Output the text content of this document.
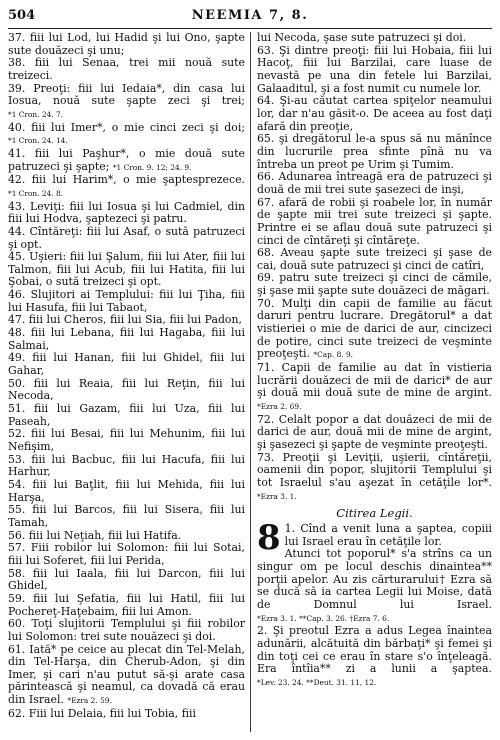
504	NEEMIA 7, 8.

37. fiii lui Lod, lui Hadid şi lui Ono, şapte sute douăzeci şi unu;

38. fiii lui Senaa, trei mii nouă sute treizeci.

39. Preoţi: fiii lui Iedaia*, din casa lui Iosua, nouă sute şapte zeci şi trei; *1 Cron. 24. 7.

40. fiii lui Imer*, o mie cinci zeci şi doi; *1 Cron. 24. 14.

41. fiii lui Paşhur*, o mie două sute patruzeci şi şapte; *1 Cron. 9. 12; 24. 9.

42. fiii lui Harim*, o mie şaptesprezece. *1 Cron. 24. 8.

43. Leviţi: fiii lui Iosua şi lui Cadmiel, din fiii lui Hodva, şaptezeci şi patru.

44. Cîntăreţi: fiii lui Asaf, o sută patruzeci şi opt.

45. Uşieri: fiii lui Şalum, fiii lui Ater, fiii lui Talmon, fiii lui Acub, fiii lui Hatita, fiii lui Şobai, o sută treizeci şi opt.

46. Slujitori ai Templului: fiii lui Ţiha, fiii lui Hasufa, fiii lui Tabaot,

47. fiii lui Cheros, fiii lui Sia, fiii lui Padon,

48. fiii lui Lebana, fiii lui Hagaba, fiii lui Salmai,

49. fiii lui Hanan, fiii lui Ghidel, fiii lui Gahar,

50. fiii lui Reaia, fiii lui Reţin, fiii lui Necoda,

51. fiii lui Gazam, fiii lui Uza, fiii lui Paseah,

52. fiii lui Besai, fiii lui Mehunim, fiii lui Nefişim,

53. fiii lui Bacbuc, fiii lui Hacufa, fiii lui Harhur,

54. fiii lui Baţlit, fiii lui Mehida, fiii lui Harşa,

55. fiii lui Barcos, fiii lui Sisera, fiii lui Tamah,

56. fiii lui Neţiah, fiii lui Hatifa.

57. Fiii robilor lui Solomon: fiii lui Sotai, fiii lui Soferet, fiii lui Perida,

58. fiii lui Iaala, fiii lui Darcon, fiii lui Ghidel,

59. fiii lui Şefatia, fiii lui Hatil, fiii lui Pochereţ-Haţebaim, fiii lui Amon.

60. Toţi slujitorii Templului şi fiii robilor lui Solomon: trei sute nouăzeci şi doi.

61. Iată* pe ceice au plecat din Tel-Melah, din Tel-Harşa, din Cherub-Adon, şi din Imer, şi cari n'au putut să-şi arate casa părintească şi neamul, ca dovadă că erau din Israel. *Ezra 2. 59.

62. Fiii lui Delaia, fiii lui Tobia, fiii

lui Necoda, şase sute patruzeci şi doi.

63. Şi dintre preoţi: fiii lui Hobaia, fiii lui Hacoţ, fiii lui Barzilai, care luase de nevastă pe una din fetele lui Barzilai, Galaaditul, şi a fost numit cu numele lor.

64. Şi-au căutat cartea spiţelor neamului lor, dar n'au găsit-o. De aceea au fost daţi afară din preoţie,

65. şi dregătorul le-a spus să nu mănînce din lucrurile prea sfinte pînă nu va întreba un preot pe Urim şi Tumim.

66. Adunarea întreagă era de patruzeci şi două de mii trei sute şasezeci de inşi,

67. afară de robii şi roabele lor, în număr de şapte mii trei sute treizeci şi şapte. Printre ei se aflau două sute patruzeci şi cinci de cîntăreţi şi cîntăreţe.

68. Aveau şapte sute treizeci şi şase de cai, două sute patruzeci şi cinci de catîri,

69. patru sute treizeci şi cinci de cămile, şi şase mii şapte sute douăzeci de măgari.

70. Mulţi din capii de familie au făcut daruri pentru lucrare. Dregătorul* a dat vistieriei o mie de darici de aur, cincizeci de potire, cinci sute treizeci de veşminte preoţeşti. *Cap. 8. 9.

71. Capii de familie au dat în vistieria lucrării douăzeci de mii de darici* de aur şi două mii două sute de mine de argint. *Ezra 2. 69.

72. Celalt popor a dat douăzeci de mii de darici de aur, două mii de mine de argint, şi şasezeci şi şapte de veşminte preoţeşti.

73. Preoţii şi Leviţii, uşierii, cîntăreţii, oamenii din popor, slujitorii Templului şi tot Israelul s'au aşezat în cetăţile lor*. *Ezra 3. 1.

Citirea Legii.

8 1. Cînd a venit luna a şaptea, copiii lui Israel erau în cetăţile lor.

Atunci tot poporul* s'a strîns ca un singur om pe locul deschis dinaintea** porţii apelor. Au zis cărturarului† Ezra să se ducă să ia cartea Legii lui Moise, dată de Domnul lui Israel. *Ezra 3. 1. **Cap. 3. 26. †Ezra 7. 6.

2. Şi preotul Ezra a adus Legea înaintea adunării, alcătuită din bărbaţi* şi femei şi din toţi cei ce erau în stare s'o înţeleagă. Era întîia** zi a lunii a şaptea. *Lev. 23. 24. **Deut. 31. 11, 12.
